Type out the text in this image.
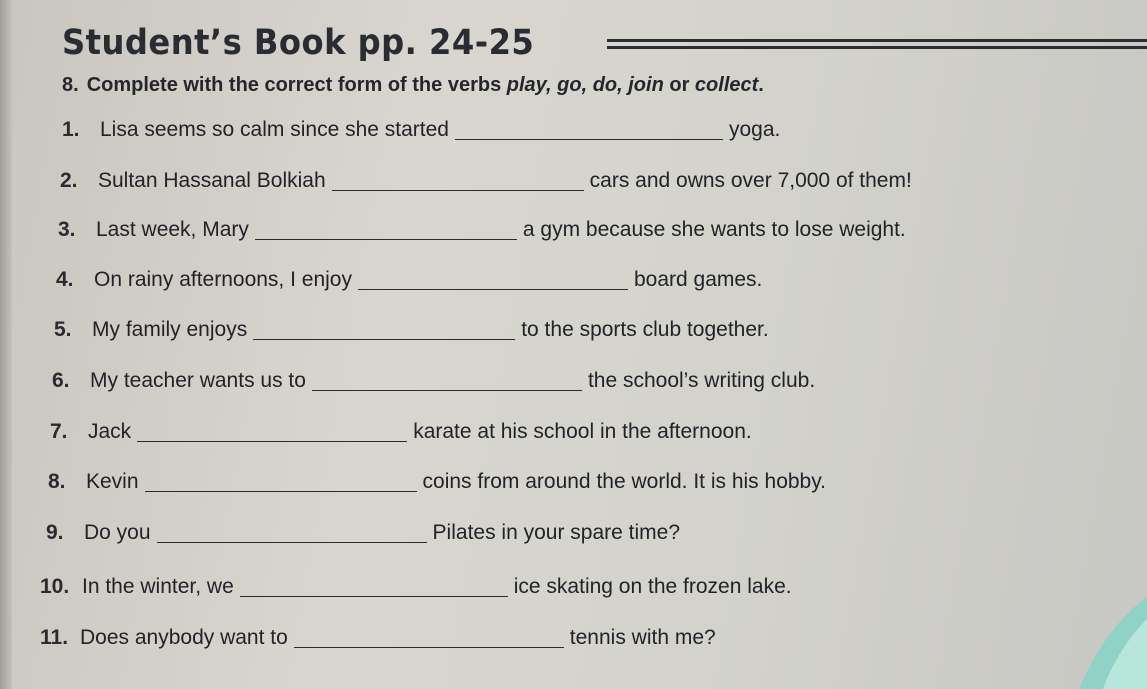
Student’s Book pp. 24-25
8. Complete with the correct form of the verbs play, go, do, join or collect.
1. Lisa seems so calm since she started	yoga.
2. Sultan Hassanal Bolkiah	cars and owns over 7,000 of them!
3. Last week, Mary	a gym because she wants to lose weight.
4. On rainy afternoons, I enjoy	board games.
5. My family enjoys	to the sports club together.
6. My teacher wants us to	the school’s writing club.
7. Jack	karate at his school in the afternoon.
8. Kevin	coins from around the world. It is his hobby.
9. Do you	Pilates in your spare time?
10. In the winter, we	ice skating on the frozen lake.
11. Does anybody want to	tennis with me?
